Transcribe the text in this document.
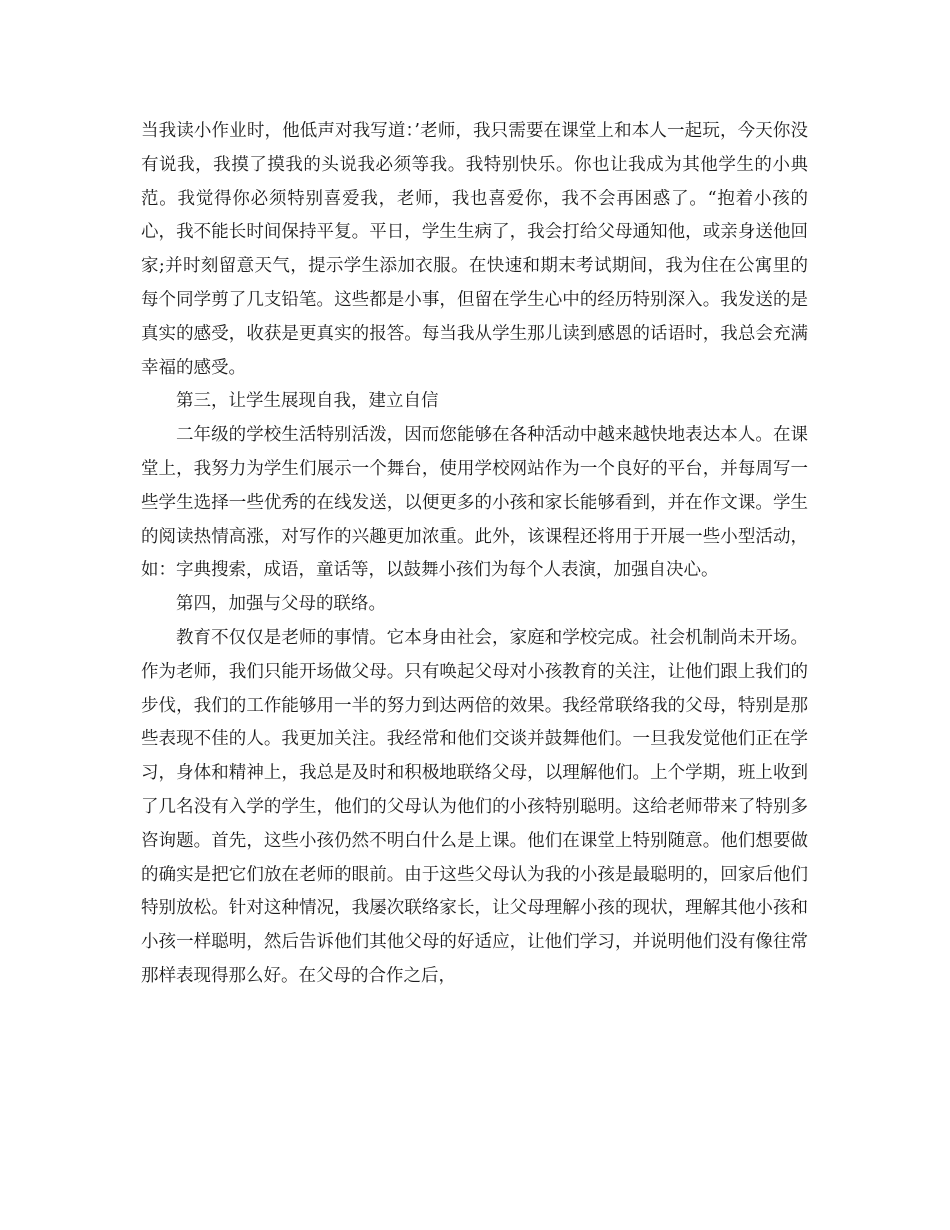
当我读小作业时，他低声对我写道：’老师，我只需要在课堂上和本人一起玩，今天你没有说我，我摸了摸我的头说我必须等我。我特别快乐。你也让我成为其他学生的小典范。我觉得你必须特别喜爱我，老师，我也喜爱你，我不会再困惑了。“抱着小孩的心，我不能长时间保持平复。平日，学生生病了，我会打给父母通知他，或亲身送他回家;并时刻留意天气，提示学生添加衣服。在快速和期末考试期间，我为住在公寓里的每个同学剪了几支铅笔。这些都是小事，但留在学生心中的经历特别深入。我发送的是真实的感受，收获是更真实的报答。每当我从学生那儿读到感恩的话语时，我总会充满幸福的感受。

第三，让学生展现自我，建立自信

二年级的学校生活特别活泼，因而您能够在各种活动中越来越快地表达本人。在课堂上，我努力为学生们展示一个舞台，使用学校网站作为一个良好的平台，并每周写一些学生选择一些优秀的在线发送，以便更多的小孩和家长能够看到，并在作文课。学生的阅读热情高涨，对写作的兴趣更加浓重。此外，该课程还将用于开展一些小型活动，如：字典搜索，成语，童话等，以鼓舞小孩们为每个人表演，加强自决心。

第四，加强与父母的联络。

教育不仅仅是老师的事情。它本身由社会，家庭和学校完成。社会机制尚未开场。作为老师，我们只能开场做父母。只有唤起父母对小孩教育的关注，让他们跟上我们的步伐，我们的工作能够用一半的努力到达两倍的效果。我经常联络我的父母，特别是那些表现不佳的人。我更加关注。我经常和他们交谈并鼓舞他们。一旦我发觉他们正在学习，身体和精神上，我总是及时和积极地联络父母，以理解他们。上个学期，班上收到了几名没有入学的学生，他们的父母认为他们的小孩特别聪明。这给老师带来了特别多咨询题。首先，这些小孩仍然不明白什么是上课。他们在课堂上特别随意。他们想要做的确实是把它们放在老师的眼前。由于这些父母认为我的小孩是最聪明的，回家后他们特别放松。针对这种情况，我屡次联络家长，让父母理解小孩的现状，理解其他小孩和小孩一样聪明，然后告诉他们其他父母的好适应，让他们学习，并说明他们没有像往常那样表现得那么好。在父母的合作之后，
